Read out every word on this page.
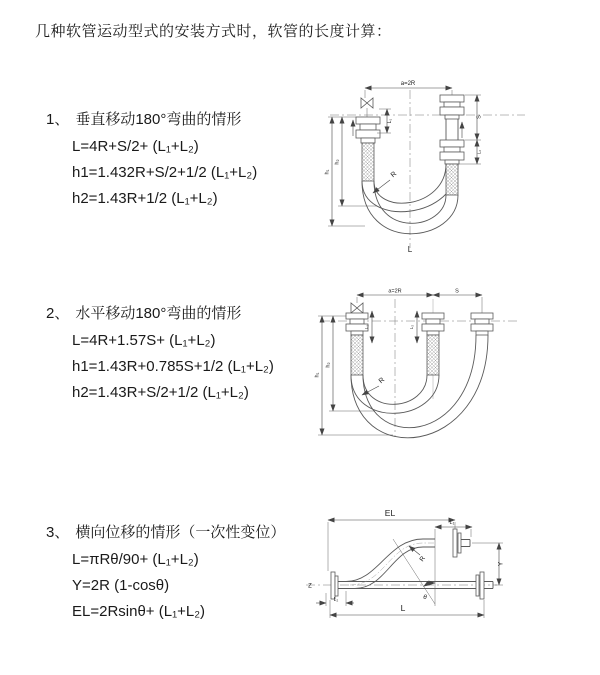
几种软管运动型式的安装方式时，软管的长度计算：
1、 垂直移动180°弯曲的情形
L=4R+S/2+ (L₁+L₂)
h1=1.432R+S/2+1/2 (L₁+L₂)
h2=1.43R+1/2 (L₁+L₂)
2、 水平移动180°弯曲的情形
L=4R+1.57S+ (L₁+L₂)
h1=1.43R+0.785S+1/2 (L₁+L₂)
h2=1.43R+S/2+1/2 (L₁+L₂)
3、 横向位移的情形（一次性变位）
L=πRθ/90+ (L₁+L₂)
Y=2R (1-cosθ)
EL=2Rsinθ+ (L₁+L₂)
a=2R
L₁
S
L₂
h₁
h₂
R
L
a=2R	S
L₁	L₂
h₁
h₂
R
Z
EL
L₁
Y
L
L₂	θ
R
